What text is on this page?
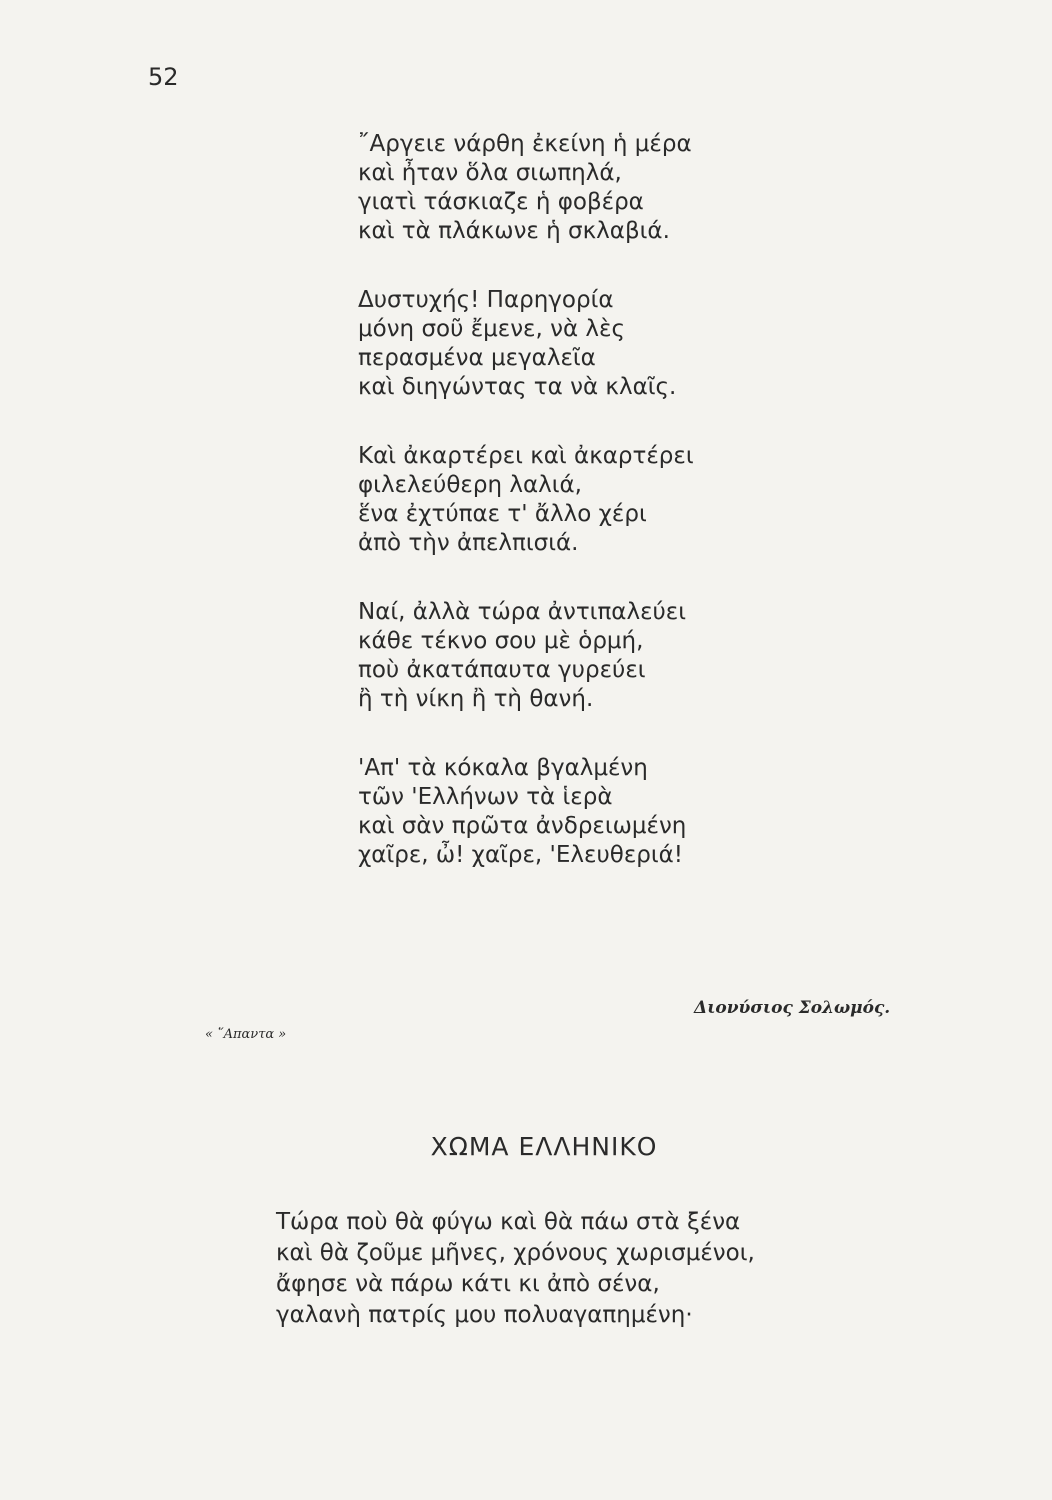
52
῎Αργειε νάρθη ἐκείνη ἡ μέρα
καὶ ἦταν ὅλα σιωπηλά,
γιατὶ τάσκιαζε ἡ φοβέρα
καὶ τὰ πλάκωνε ἡ σκλαβιά.
Δυστυχής! Παρηγορία
μόνη σοῦ ἔμενε, νὰ λὲς
περασμένα μεγαλεῖα
καὶ διηγώντας τα νὰ κλαῖς.
Καὶ ἀκαρτέρει καὶ ἀκαρτέρει
φιλελεύθερη λαλιά,
ἕνα ἐχτύπαε τ' ἄλλο χέρι
ἀπὸ τὴν ἀπελπισιά.
Ναί, ἀλλὰ τώρα ἀντιπαλεύει
κάθε τέκνο σου μὲ ὁρμή,
ποὺ ἀκατάπαυτα γυρεύει
ἢ τὴ νίκη ἢ τὴ θανή.
'Απ' τὰ κόκαλα βγαλμένη
τῶν 'Ελλήνων τὰ ἱερὰ
καὶ σὰν πρῶτα ἀνδρειωμένη
χαῖρε, ὦ! χαῖρε, 'Ελευθεριά!
Διονύσιος Σολωμός.
« ῞Απαντα »
ΧΩΜΑ ΕΛΛΗΝΙΚΟ
Τώρα ποὺ θὰ φύγω καὶ θὰ πάω στὰ ξένα
καὶ θὰ ζοῦμε μῆνες, χρόνους χωρισμένοι,
ἄφησε νὰ πάρω κάτι κι ἀπὸ σένα,
γαλανὴ πατρίς μου πολυαγαπημένη·
